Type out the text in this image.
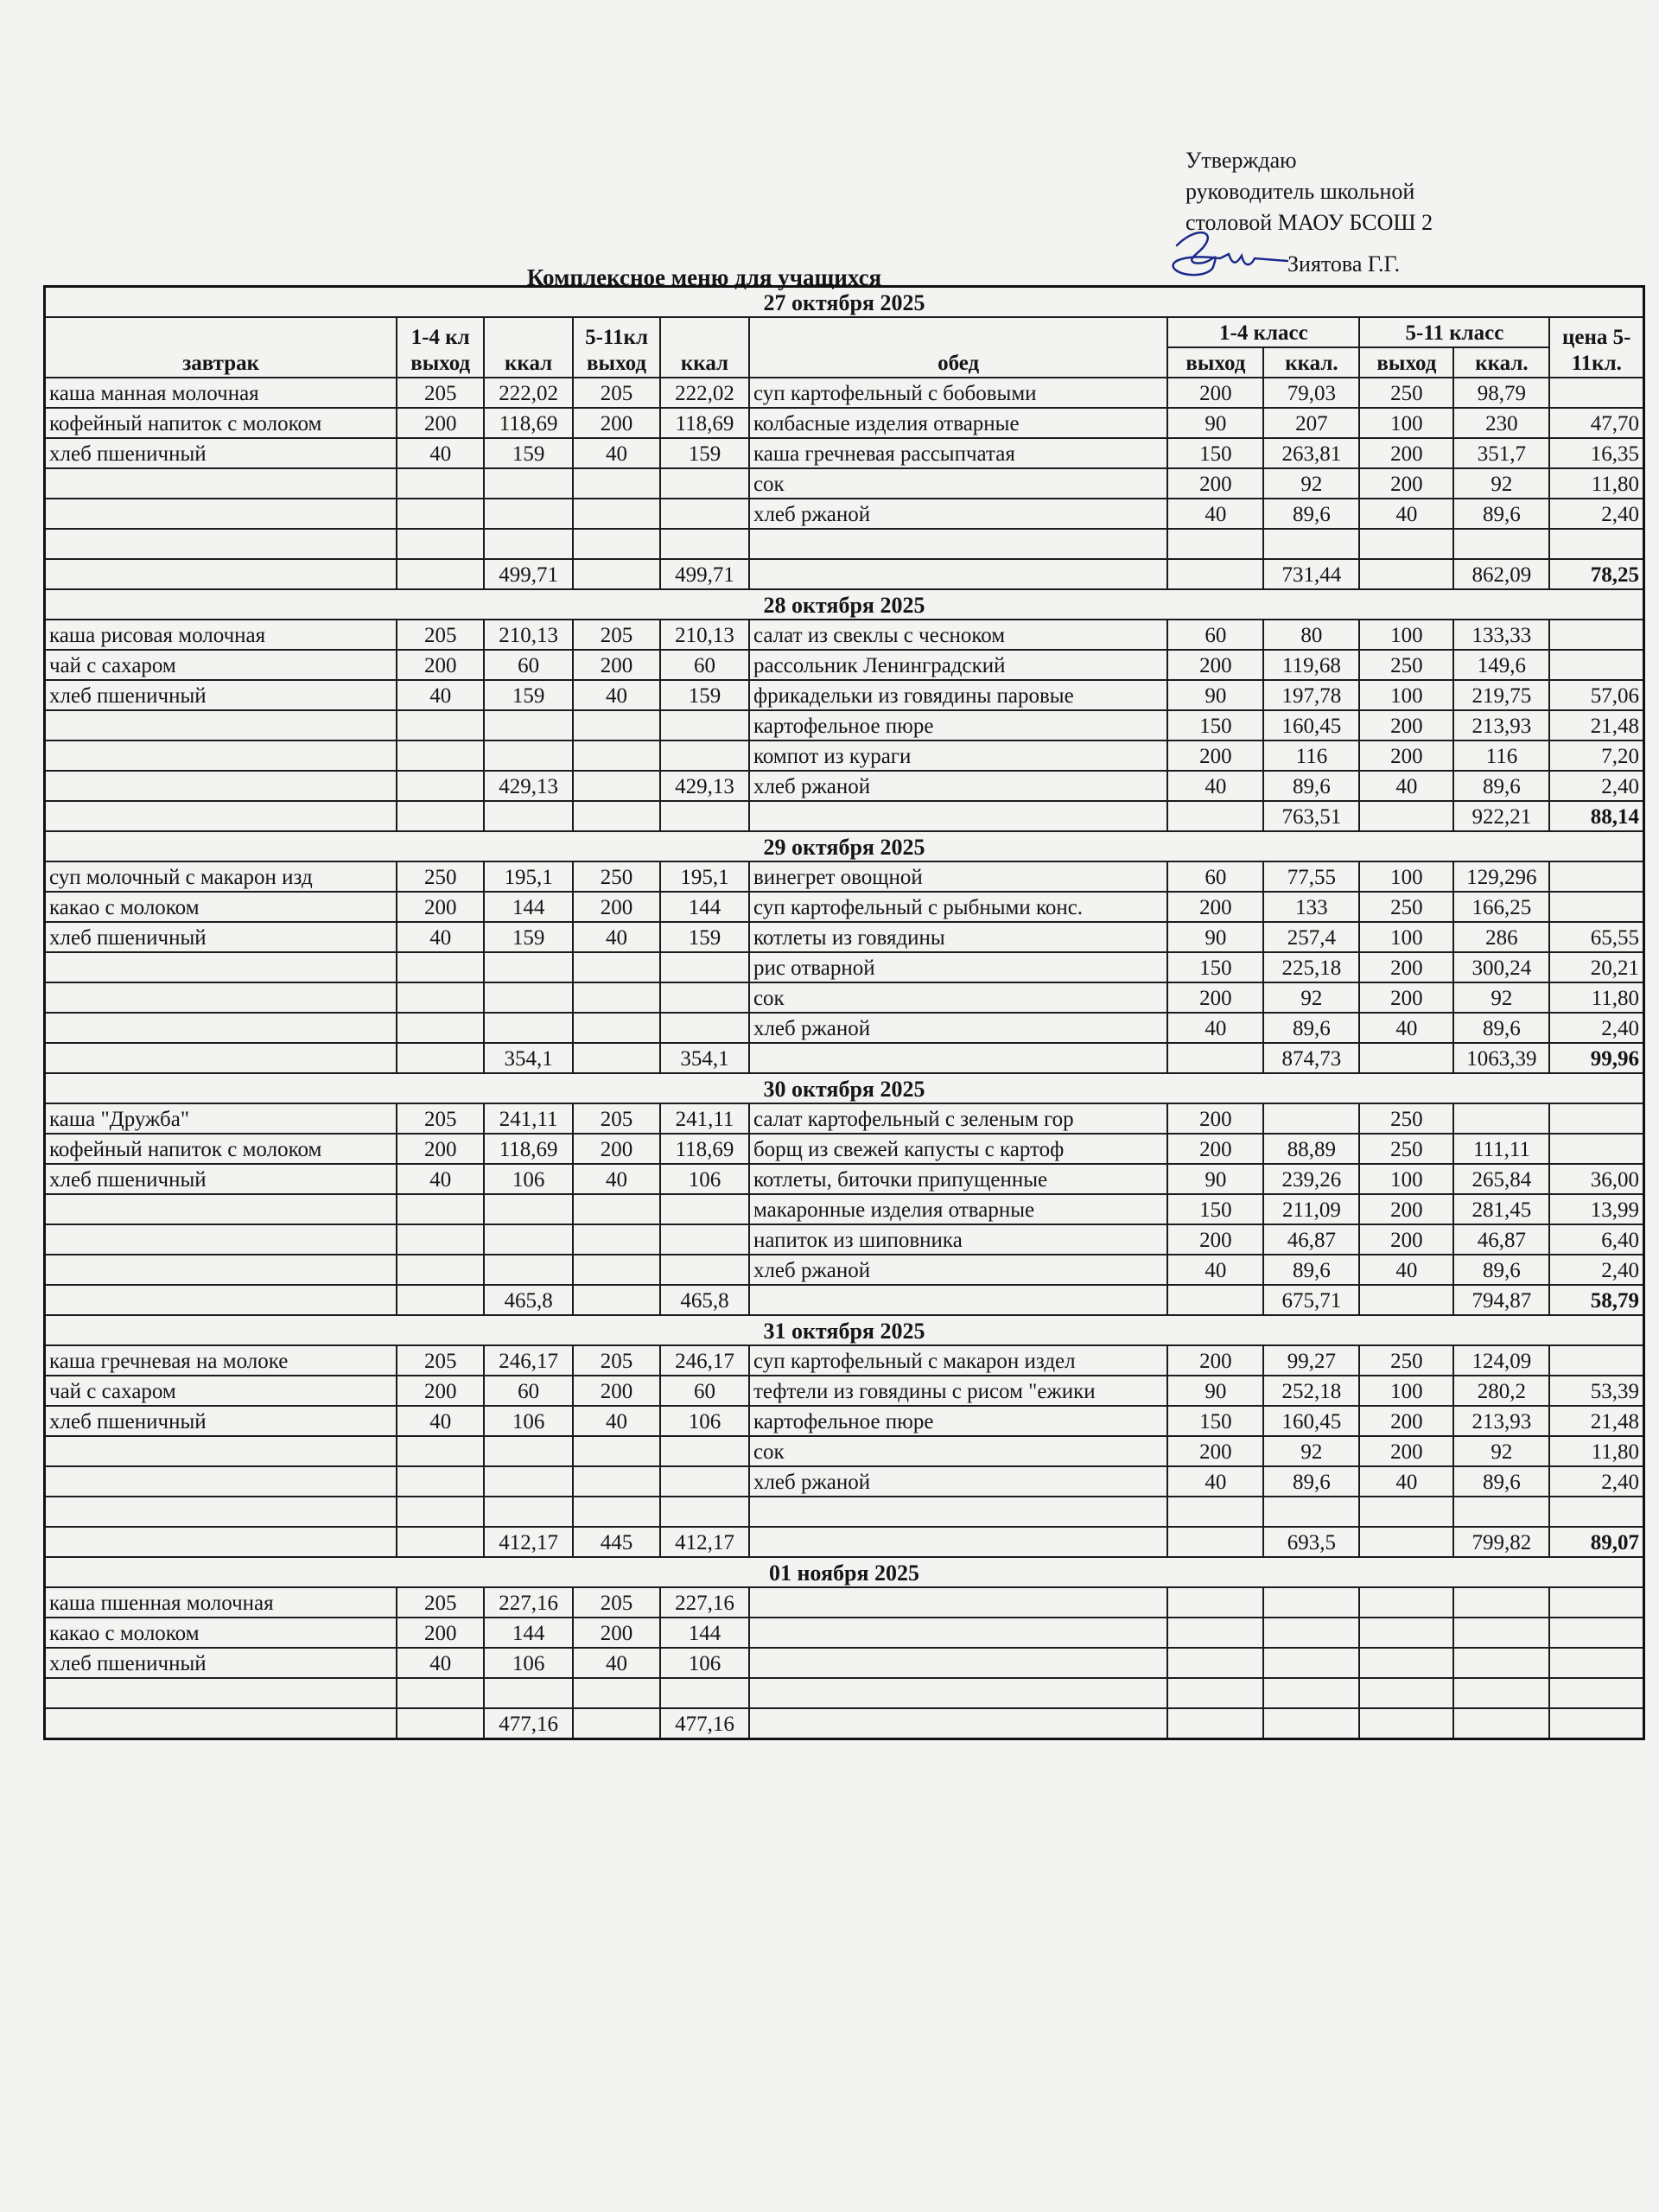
Утверждаю
руководитель школьной
столовой МАОУ БСОШ 2
Зиятова Г.Г.
Комплексное меню для учащихся
27 октября 2025										
завтрак	1-4 кл выход	ккал	5-11кл выход	ккал	обед	1-4 класс		5-11 класс		цена 5-11кл.
						выход	ккал.	выход	ккал.	
каша манная молочная	205	222,02	205	222,02	суп картофельный с бобовыми	200	79,03	250	98,79	
кофейный напиток с молоком	200	118,69	200	118,69	колбасные изделия отварные	90	207	100	230	47,70
хлеб пшеничный	40	159	40	159	каша гречневая рассыпчатая	150	263,81	200	351,7	16,35
					сок	200	92	200	92	11,80
					хлеб ржаной	40	89,6	40	89,6	2,40

		499,71		499,71			731,44		862,09	78,25
28 октября 2025										
каша рисовая молочная	205	210,13	205	210,13	салат из свеклы с чесноком	60	80	100	133,33	
чай с сахаром	200	60	200	60	рассольник Ленинградский	200	119,68	250	149,6	
хлеб пшеничный	40	159	40	159	фрикадельки из говядины паровые	90	197,78	100	219,75	57,06
					картофельное пюре	150	160,45	200	213,93	21,48
					компот из кураги	200	116	200	116	7,20
		429,13		429,13	хлеб ржаной	40	89,6	40	89,6	2,40
							763,51		922,21	88,14
29 октября 2025										
суп молочный с макарон изд	250	195,1	250	195,1	винегрет овощной	60	77,55	100	129,296	
какао с молоком	200	144	200	144	суп картофельный с рыбными конс.	200	133	250	166,25	
хлеб пшеничный	40	159	40	159	котлеты из говядины	90	257,4	100	286	65,55
					рис отварной	150	225,18	200	300,24	20,21
					сок	200	92	200	92	11,80
					хлеб ржаной	40	89,6	40	89,6	2,40
		354,1		354,1			874,73		1063,39	99,96
30 октября 2025										
каша "Дружба"	205	241,11	205	241,11	салат картофельный с зеленым гор	200		250		
кофейный напиток с молоком	200	118,69	200	118,69	борщ из свежей капусты с картоф	200	88,89	250	111,11	
хлеб пшеничный	40	106	40	106	котлеты, биточки припущенные	90	239,26	100	265,84	36,00
					макаронные изделия отварные	150	211,09	200	281,45	13,99
					напиток из шиповника	200	46,87	200	46,87	6,40
					хлеб ржаной	40	89,6	40	89,6	2,40
		465,8		465,8			675,71		794,87	58,79
31 октября 2025										
каша гречневая на молоке	205	246,17	205	246,17	суп картофельный с макарон издел	200	99,27	250	124,09	
чай с сахаром	200	60	200	60	тефтели из говядины с рисом "ежики	90	252,18	100	280,2	53,39
хлеб пшеничный	40	106	40	106	картофельное пюре	150	160,45	200	213,93	21,48
					сок	200	92	200	92	11,80
					хлеб ржаной	40	89,6	40	89,6	2,40

		412,17	445	412,17			693,5		799,82	89,07
01 ноября 2025										
каша пшенная молочная	205	227,16	205	227,16						
какао с молоком	200	144	200	144						
хлеб пшеничный	40	106	40	106						

		477,16		477,16						
